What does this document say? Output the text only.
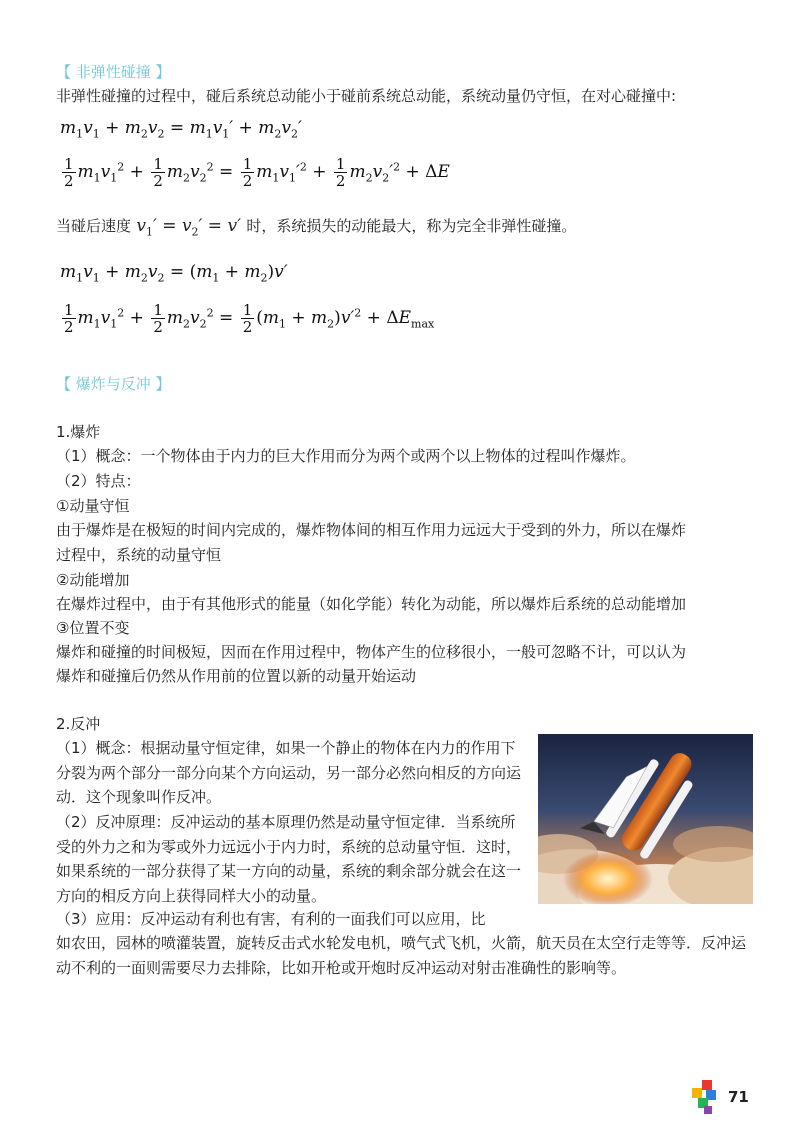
【 非弹性碰撞 】
非弹性碰撞的过程中，碰后系统总动能小于碰前系统总动能，系统动量仍守恒，在对心碰撞中:
$m_1v_1 + m_2v_2 = m_1v_1' + m_2v_2'$
$\frac{1}{2} m_1v_1^2 + \frac{1}{2} m_2v_2^2 = \frac{1}{2} m_1v_1'^2 + \frac{1}{2} m_2v_2'^2 + \Delta E$
当碰后速度 $v_1' = v_2' = v'$ 时，系统损失的动能最大，称为完全非弹性碰撞。
$m_1v_1 + m_2v_2 = (m_1 + m_2)v'$
$\frac{1}{2} m_1v_1^2 + \frac{1}{2} m_2v_2^2 = \frac{1}{2} (m_1 + m_2)v'^2 + \Delta E_{max}$
【 爆炸与反冲 】
1.爆炸
（1）概念：一个物体由于内力的巨大作用而分为两个或两个以上物体的过程叫作爆炸。
（2）特点：
①动量守恒
由于爆炸是在极短的时间内完成的，爆炸物体间的相互作用力远远大于受到的外力，所以在爆炸
过程中，系统的动量守恒
②动能增加
在爆炸过程中，由于有其他形式的能量（如化学能）转化为动能，所以爆炸后系统的总动能增加
③位置不变
爆炸和碰撞的时间极短，因而在作用过程中，物体产生的位移很小，一般可忽略不计，可以认为
爆炸和碰撞后仍然从作用前的位置以新的动量开始运动
2.反冲
（1）概念：根据动量守恒定律，如果一个静止的物体在内力的作用下分裂为两个部分一部分向某个方向运动，另一部分必然向相反的方向运动．这个现象叫作反冲。
（2）反冲原理：反冲运动的基本原理仍然是动量守恒定律．当系统所受的外力之和为零或外力远远小于内力时，系统的总动量守恒．这时，如果系统的一部分获得了某一方向的动量，系统的剩余部分就会在这一方向的相反方向上获得同样大小的动量。
（3）应用：反冲运动有利也有害，有利的一面我们可以应用，比
如农田，园林的喷灌装置，旋转反击式水轮发电机，喷气式飞机，火箭，航天员在太空行走等等．反冲运动不利的一面则需要尽力去排除，比如开枪或开炮时反冲运动对射击准确性的影响等。
71
